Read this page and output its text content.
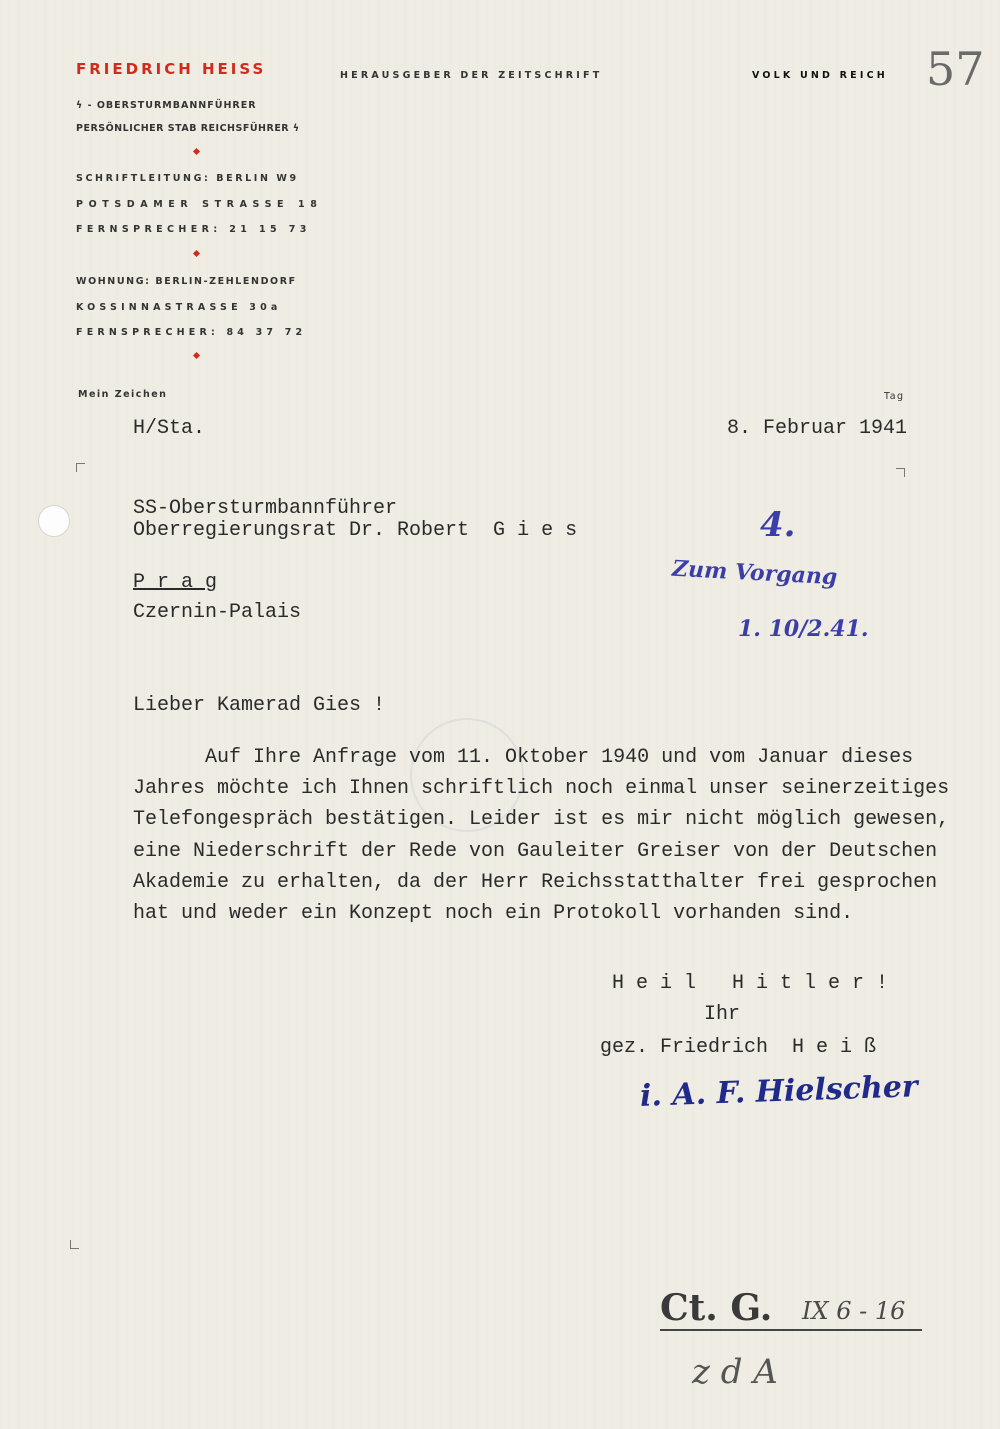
FRIEDRICH HEISS	HERAUSGEBER DER ZEITSCHRIFT	VOLK UND REICH
ϟ - OBERSTURMBANNFÜHRER
PERSÖNLICHER STAB REICHSFÜHRER ϟ
SCHRIFTLEITUNG: BERLIN W9
POTSDAMER STRASSE 18
FERNSPRECHER: 21 15 73
WOHNUNG: BERLIN-ZEHLENDORF
KOSSINNASTRASSE 30a
FERNSPRECHER: 84 37 72
57
Mein Zeichen	Tag
H/Sta.	8. Februar 1941
SS-Obersturmbannführer
Oberregierungsrat Dr. Robert  G i e s
P r a g
Czernin-Palais
4.
Zum Vorgang
1. 10/2.41.
Lieber Kamerad Gies !
Auf Ihre Anfrage vom 11. Oktober 1940 und vom Januar dieses
Jahres möchte ich Ihnen schriftlich noch einmal unser seinerzeitiges
Telefongespräch bestätigen. Leider ist es mir nicht möglich gewesen,
eine Niederschrift der Rede von Gauleiter Greiser von der Deutschen
Akademie zu erhalten, da der Herr Reichsstatthalter frei gesprochen
hat und weder ein Konzept noch ein Protokoll vorhanden sind.
H e i l   H i t l e r !
Ihr
gez. Friedrich  H e i ß
i. A. F. Hielscher
Ct. G. IX 6 - 16
z d A
